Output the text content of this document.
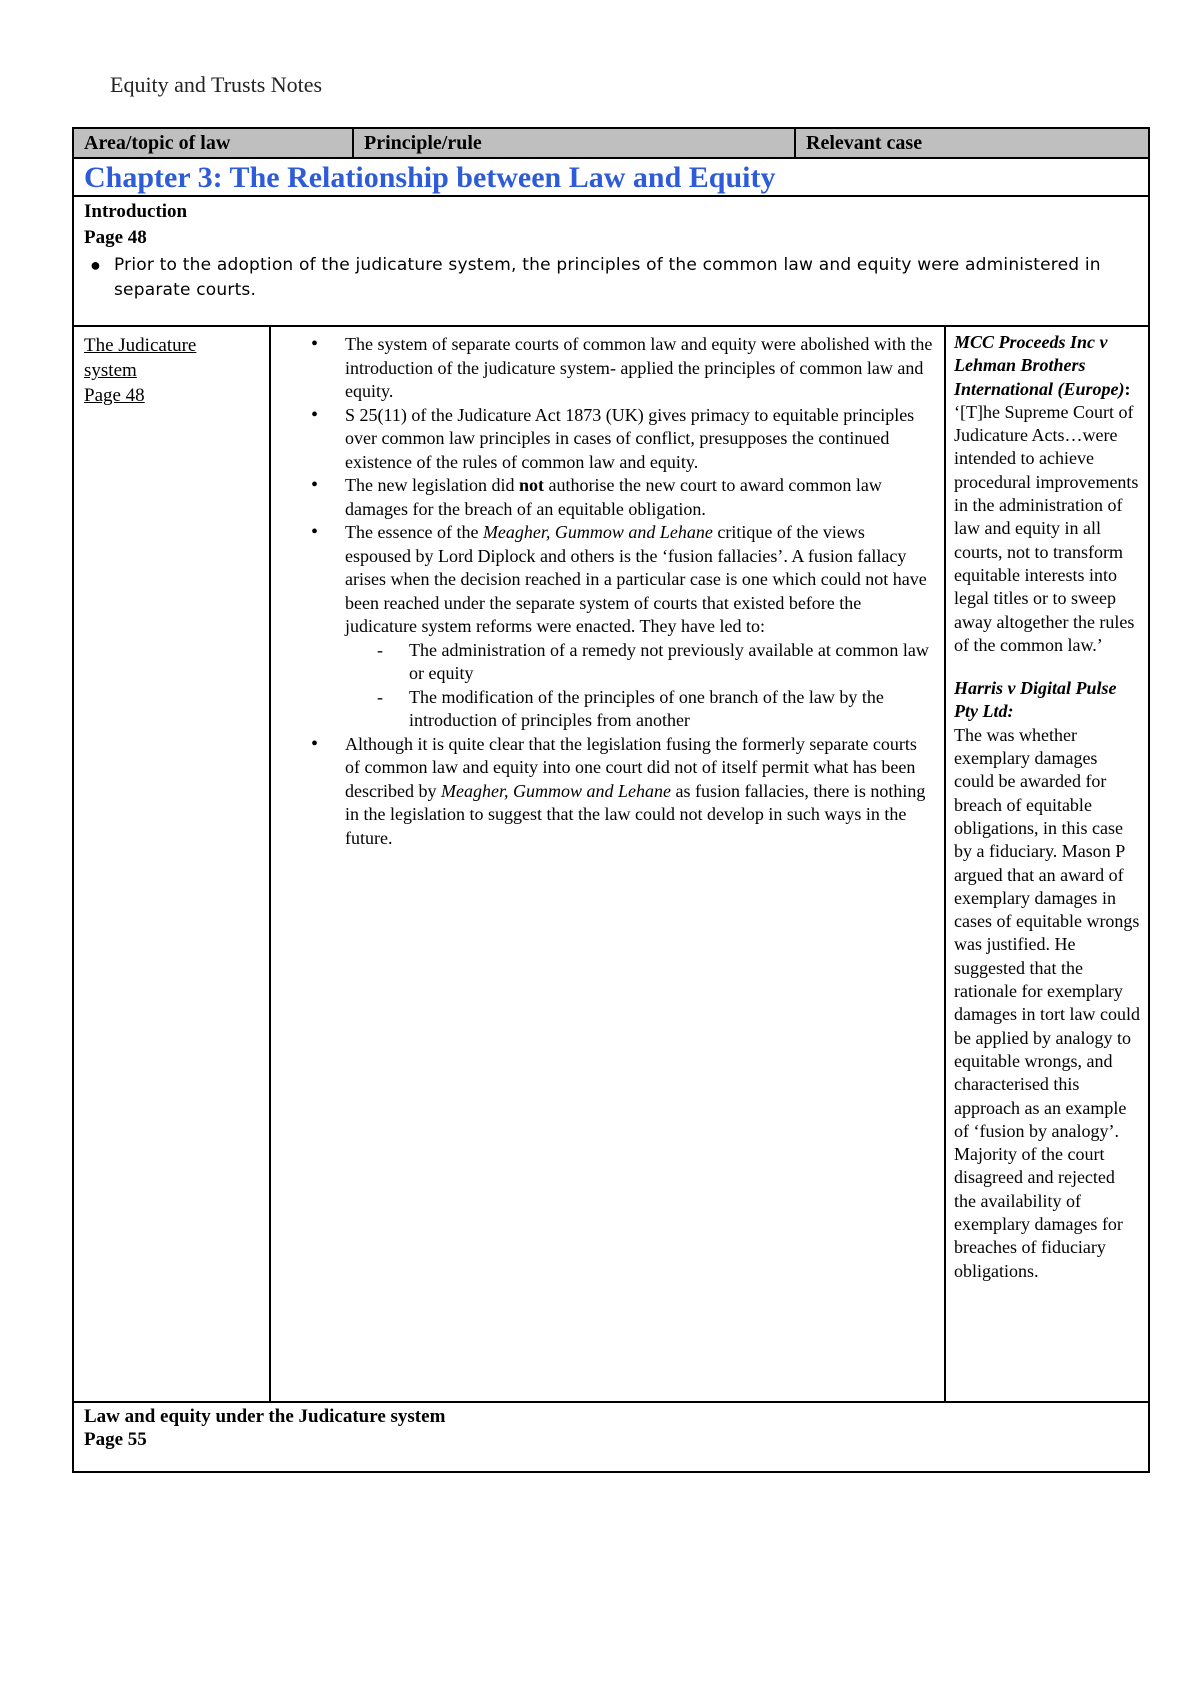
Equity and Trusts Notes
Area/topic of law	Principle/rule	Relevant case
Chapter 3: The Relationship between Law and Equity
Introduction
Page 48
● Prior to the adoption of the judicature system, the principles of the common law and equity were administered in separate courts.
The Judicature system
Page 48
• The system of separate courts of common law and equity were abolished with the introduction of the judicature system- applied the principles of common law and equity.
• S 25(11) of the Judicature Act 1873 (UK) gives primacy to equitable principles over common law principles in cases of conflict, presupposes the continued existence of the rules of common law and equity.
• The new legislation did not authorise the new court to award common law damages for the breach of an equitable obligation.
• The essence of the Meagher, Gummow and Lehane critique of the views espoused by Lord Diplock and others is the ‘fusion fallacies’. A fusion fallacy arises when the decision reached in a particular case is one which could not have been reached under the separate system of courts that existed before the judicature system reforms were enacted. They have led to:
- The administration of a remedy not previously available at common law or equity
- The modification of the principles of one branch of the law by the introduction of principles from another
• Although it is quite clear that the legislation fusing the formerly separate courts of common law and equity into one court did not of itself permit what has been described by Meagher, Gummow and Lehane as fusion fallacies, there is nothing in the legislation to suggest that the law could not develop in such ways in the future.
MCC Proceeds Inc v Lehman Brothers International (Europe):
‘[T]he Supreme Court of Judicature Acts…were intended to achieve procedural improvements in the administration of law and equity in all courts, not to transform equitable interests into legal titles or to sweep away altogether the rules of the common law.’
Harris v Digital Pulse Pty Ltd:
The was whether exemplary damages could be awarded for breach of equitable obligations, in this case by a fiduciary. Mason P argued that an award of exemplary damages in cases of equitable wrongs was justified. He suggested that the rationale for exemplary damages in tort law could be applied by analogy to equitable wrongs, and characterised this approach as an example of ‘fusion by analogy’. Majority of the court disagreed and rejected the availability of exemplary damages for breaches of fiduciary obligations.
Law and equity under the Judicature system
Page 55
